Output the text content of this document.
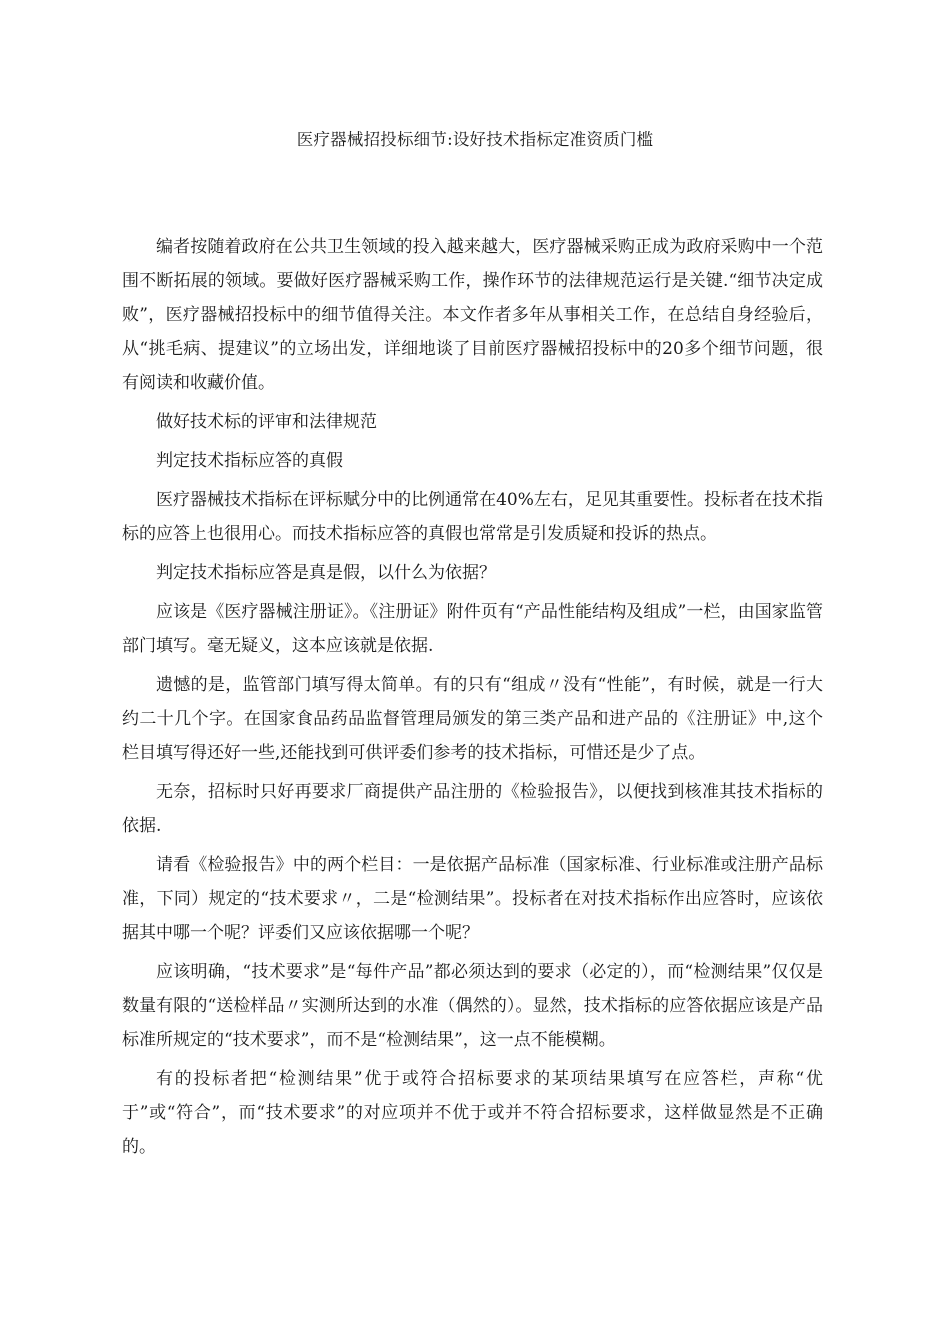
医疗器械招投标细节:设好技术指标定准资质门槛

编者按随着政府在公共卫生领域的投入越来越大，医疗器械采购正成为政府采购中一个范围不断拓展的领域。要做好医疗器械采购工作，操作环节的法律规范运行是关键.“细节决定成败”，医疗器械招投标中的细节值得关注。本文作者多年从事相关工作，在总结自身经验后，从“挑毛病、提建议”的立场出发，详细地谈了目前医疗器械招投标中的20多个细节问题，很有阅读和收藏价值。

做好技术标的评审和法律规范

判定技术指标应答的真假

医疗器械技术指标在评标赋分中的比例通常在40%左右，足见其重要性。投标者在技术指标的应答上也很用心。而技术指标应答的真假也常常是引发质疑和投诉的热点。

判定技术指标应答是真是假，以什么为依据？

应该是《医疗器械注册证》。《注册证》附件页有“产品性能结构及组成”一栏，由国家监管部门填写。毫无疑义，这本应该就是依据.

遗憾的是，监管部门填写得太简单。有的只有“组成〃没有“性能”，有时候，就是一行大约二十几个字。在国家食品药品监督管理局颁发的第三类产品和进产品的《注册证》中,这个栏目填写得还好一些,还能找到可供评委们参考的技术指标，可惜还是少了点。

无奈，招标时只好再要求厂商提供产品注册的《检验报告》，以便找到核准其技术指标的依据.

请看《检验报告》中的两个栏目：一是依据产品标准（国家标准、行业标准或注册产品标准，下同）规定的“技术要求〃，二是“检测结果”。投标者在对技术指标作出应答时，应该依据其中哪一个呢？评委们又应该依据哪一个呢？

应该明确，“技术要求”是“每件产品”都必须达到的要求（必定的），而“检测结果”仅仅是数量有限的“送检样品〃实测所达到的水准（偶然的）。显然，技术指标的应答依据应该是产品标准所规定的“技术要求”，而不是“检测结果”，这一点不能模糊。

有的投标者把“检测结果”优于或符合招标要求的某项结果填写在应答栏，声称“优于”或“符合”，而“技术要求”的对应项并不优于或并不符合招标要求，这样做显然是不正确的。
